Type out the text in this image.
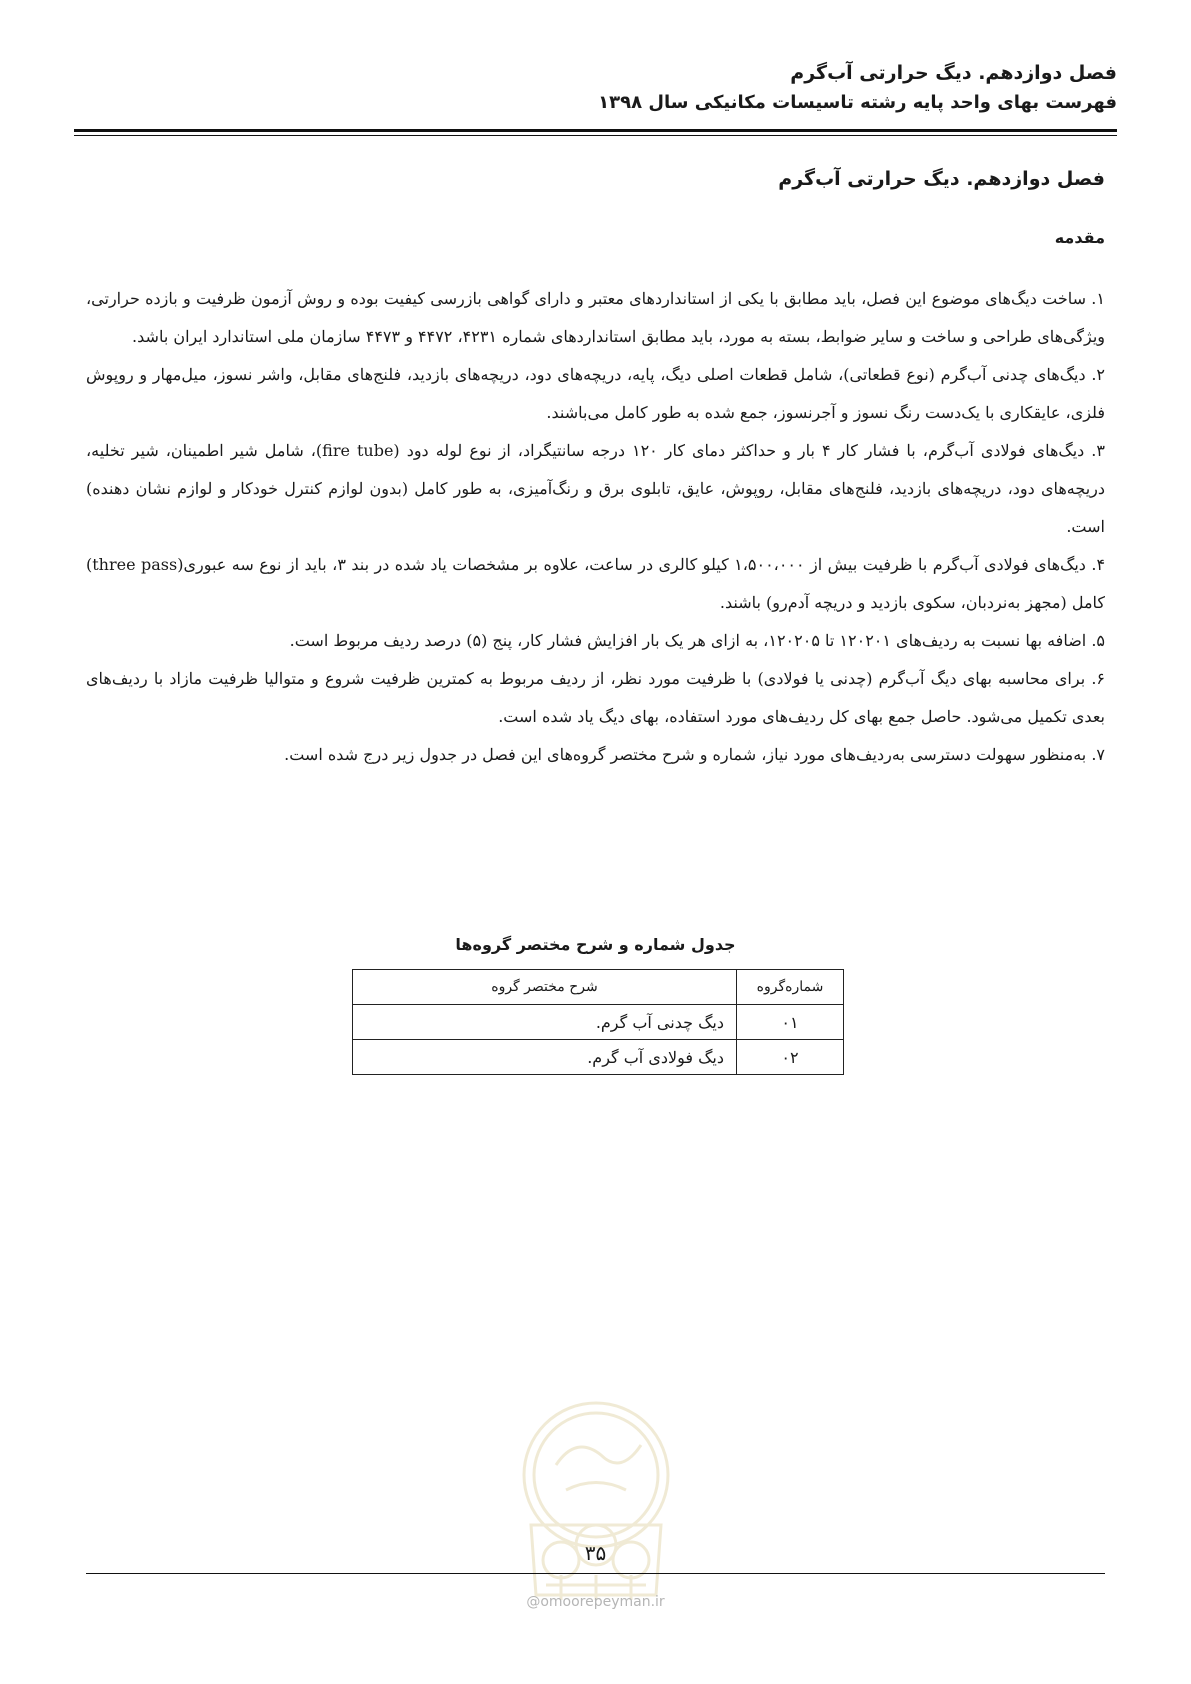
فصل دوازدهم. دیگ حرارتی آب‌گرم
فهرست بهای واحد پایه رشته تاسیسات مکانیکی سال ۱۳۹۸
فصل دوازدهم. دیگ حرارتی آب‌گرم
مقدمه

۱. ساخت دیگ‌های موضوع این فصل، باید مطابق با یکی از استانداردهای معتبر و دارای گواهی بازرسی کیفیت بوده و روش آزمون ظرفیت و بازده حرارتی، ویژگی‌های طراحی و ساخت و سایر ضوابط، بسته به مورد، باید مطابق استانداردهای شماره ۴۲۳۱، ۴۴۷۲ و ۴۴۷۳ سازمان ملی استاندارد ایران باشد.

۲. دیگ‌های چدنی آب‌گرم (نوع قطعاتی)، شامل قطعات اصلی دیگ، پایه، دریچه‌های دود، دریچه‌های بازدید، فلنج‌های مقابل، واشر نسوز، میل‌مهار و روپوش فلزی، عایقکاری با یک‌دست رنگ نسوز و آجرنسوز، جمع شده به طور کامل می‌باشند.

۳. دیگ‌های فولادی آب‌گرم، با فشار کار ۴ بار و حداکثر دمای کار ۱۲۰ درجه سانتیگراد، از نوع لوله دود (fire tube)، شامل شیر اطمینان، شیر تخلیه، دریچه‌های دود، دریچه‌های بازدید، فلنج‌های مقابل، روپوش، عایق، تابلوی برق و رنگ‌آمیزی، به طور کامل (بدون لوازم کنترل خودکار و لوازم نشان دهنده) است.

۴. دیگ‌های فولادی آب‌گرم با ظرفیت بیش از ۱،۵۰۰،۰۰۰ کیلو کالری در ساعت، علاوه بر مشخصات یاد شده در بند ۳، باید از نوع سه عبوری(three pass) کامل (مجهز به‌نردبان، سکوی بازدید و دریچه آدم‌رو) باشند.

۵. اضافه بها نسبت به ردیف‌های ۱۲۰۲۰۱ تا ۱۲۰۲۰۵، به ازای هر یک بار افزایش فشار کار، پنج (۵) درصد ردیف مربوط است.

۶. برای محاسبه بهای دیگ آب‌گرم (چدنی یا فولادی) با ظرفیت مورد نظر، از ردیف مربوط به کمترین ظرفیت شروع و متوالیا ظرفیت مازاد با ردیف‌های بعدی تکمیل می‌شود. حاصل جمع بهای کل ردیف‌های مورد استفاده، بهای دیگ یاد شده است.

۷. به‌منظور سهولت دسترسی به‌ردیف‌های مورد نیاز، شماره و شرح مختصر گروه‌های این فصل در جدول زیر درج شده است.

جدول شماره و شرح مختصر گروه‌ها
شماره‌گروه	شرح مختصر گروه
۰۱	دیگ چدنی آب گرم.
۰۲	دیگ فولادی آب گرم.
۳۵
@omoorepeyman.ir
